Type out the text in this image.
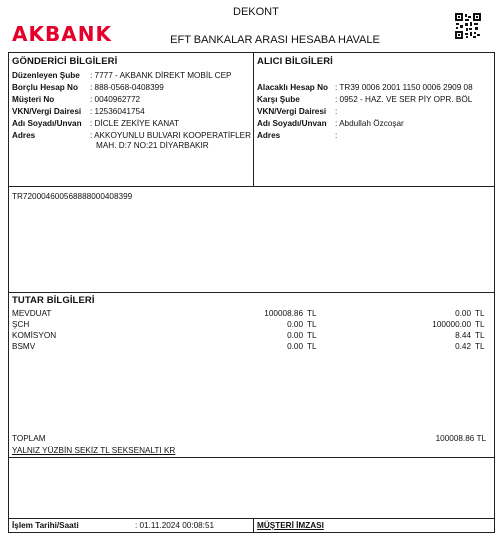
AKBANK
DEKONT
EFT BANKALAR ARASI HESABA HAVALE
GÖNDERİCİ BİLGİLERİ
Düzenleyen Şube : 7777 - AKBANK DİREKT MOBİL CEP
Borçlu Hesap No : 888-0568-0408399
Müşteri No	: 0040962772
VKN/Vergi Dairesi : 12536041754
Adı Soyadı/Unvan : DİCLE ZEKİYE KANAT
Adres	: AKKOYUNLU BULVARI KOOPERATİFLER
MAH. D:7 NO:21 DİYARBAKIR
ALICI BİLGİLERİ
Alacaklı Hesap No : TR39 0006 2001 1150 0006 2909 08
Karşı Şube	: 0952 - HAZ. VE SER PİY OPR. BÖL
VKN/Vergi Dairesi :
Adı Soyadı/Unvan : Abdullah Özcoşar
Adres	:
TR720004600568888000408399
TUTAR BİLGİLERİ
MEVDUAT	100008.86 TL	0.00 TL
ŞCH	0.00 TL	100000.00 TL
KOMİSYON	0.00 TL	8.44 TL
BSMV	0.00 TL	0.42 TL
TOPLAM	100008.86 TL
YALNIZ YÜZBİN SEKİZ TL SEKSENALTI KR
İşlem Tarihi/Saati	: 01.11.2024 00:08:51	MÜŞTERİ İMZASI
